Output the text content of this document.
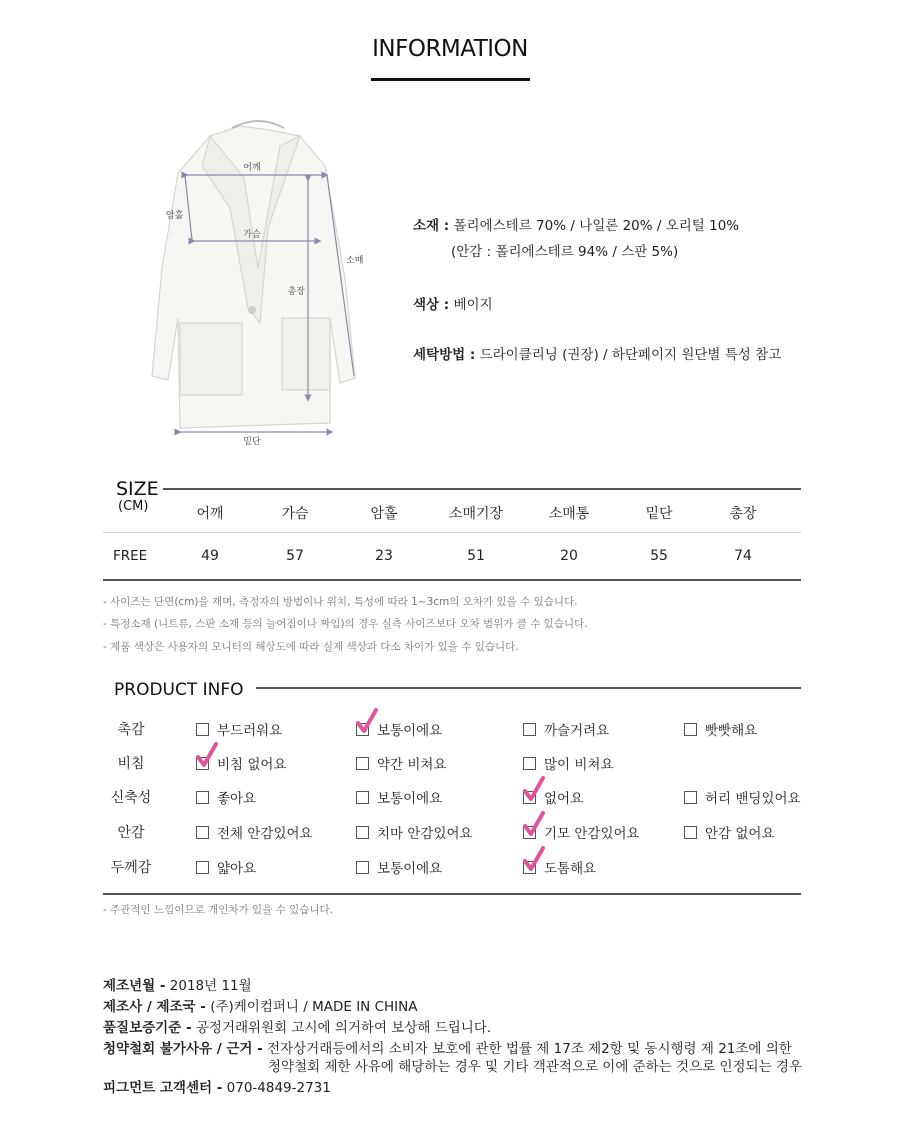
INFORMATION
어깨
가슴
암홀
소매
총장
밑단
소재 : 폴리에스테르 70% / 나일론 20% / 오리털 10%
(안감 : 폴리에스테르 94% / 스판 5%)
색상 : 베이지
세탁방법 : 드라이클리닝 (권장) / 하단페이지 원단별 특성 참고
SIZE
(CM)	어깨	가슴	암홀	소매기장	소매통	밑단	총장
FREE	49	57	23	51	20	55	74
- 사이즈는 단면(cm)을 재며, 측정자의 방법이나 위치, 특성에 따라 1~3cm의 오차가 있을 수 있습니다.
- 특정소재 (니트류, 스판 소재 등의 늘어짐이나 짜임)의 경우 실측 사이즈보다 오차 범위가 클 수 있습니다.
- 제품 색상은 사용자의 모니터의 해상도에 따라 실제 색상과 다소 차이가 있을 수 있습니다.
PRODUCT INFO
촉감	부드러워요	보통이에요	까슬거려요	빳빳해요
비침	비침 없어요	약간 비쳐요	많이 비쳐요
신축성	좋아요	보통이에요	없어요	허리 밴딩있어요
안감	전체 안감있어요	치마 안감있어요	기모 안감있어요	안감 없어요
두께감	얇아요	보통이에요	도톰해요
- 주관적인 느낌이므로 개인차가 있을 수 있습니다.
제조년월 - 2018년 11월
제조사 / 제조국 - (주)케이컴퍼니 / MADE IN CHINA
품질보증기준 - 공정거래위원회 고시에 의거하여 보상해 드립니다.
청약철회 불가사유 / 근거 - 전자상거래등에서의 소비자 보호에 관한 법률 제 17조 제2항 및 동시행령 제 21조에 의한
청약철회 제한 사유에 해당하는 경우 및 기타 객관적으로 이에 준하는 것으로 인정되는 경우
피그먼트 고객센터 - 070-4849-2731
